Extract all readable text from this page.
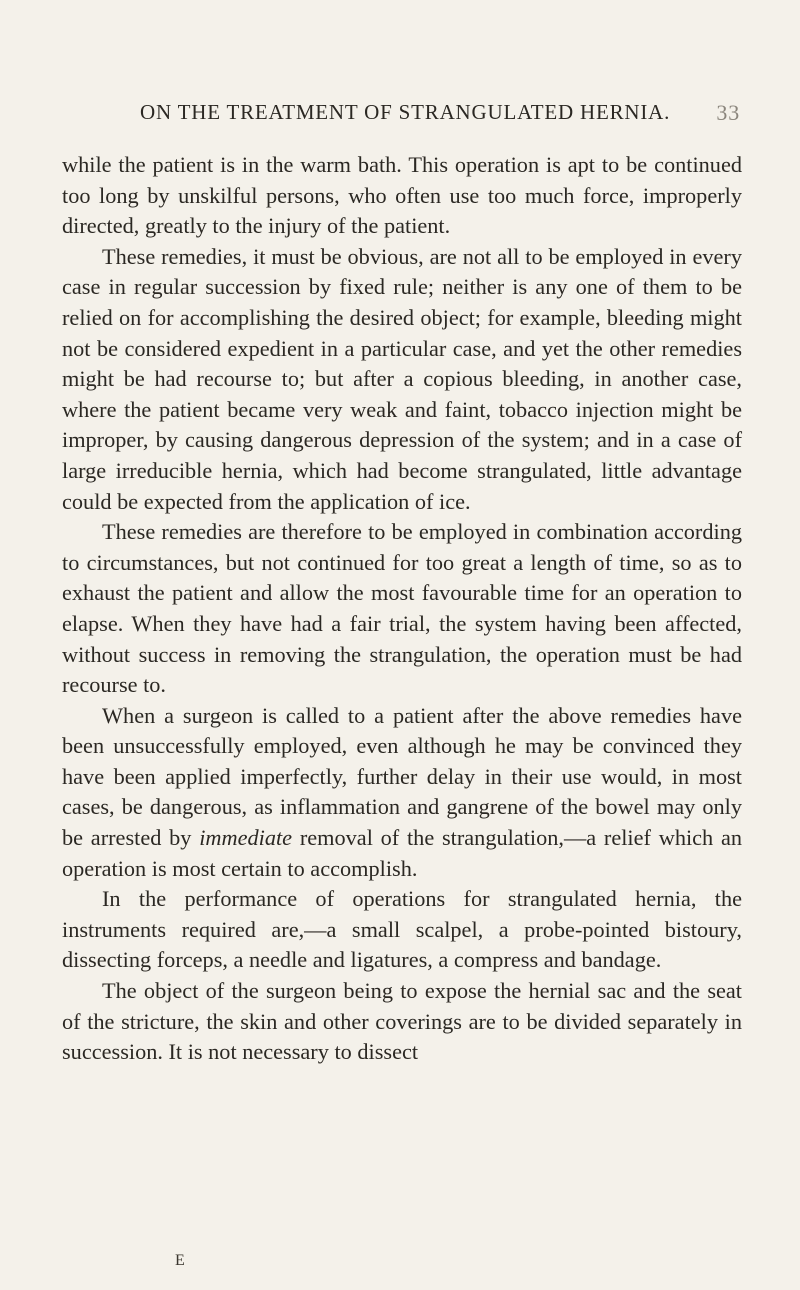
ON THE TREATMENT OF STRANGULATED HERNIA. 33

while the patient is in the warm bath. This operation is apt to be continued too long by unskilful persons, who often use too much force, improperly directed, greatly to the injury of the patient.

These remedies, it must be obvious, are not all to be employed in every case in regular succession by fixed rule; neither is any one of them to be relied on for accomplishing the desired object; for example, bleeding might not be considered expedient in a particular case, and yet the other remedies might be had recourse to; but after a copious bleeding, in another case, where the patient became very weak and faint, tobacco injection might be improper, by causing dangerous depression of the system; and in a case of large irreducible hernia, which had become strangulated, little advantage could be expected from the application of ice.

These remedies are therefore to be employed in combination according to circumstances, but not continued for too great a length of time, so as to exhaust the patient and allow the most favourable time for an operation to elapse. When they have had a fair trial, the system having been affected, without success in removing the strangulation, the operation must be had recourse to.

When a surgeon is called to a patient after the above remedies have been unsuccessfully employed, even although he may be convinced they have been applied imperfectly, further delay in their use would, in most cases, be dangerous, as inflammation and gangrene of the bowel may only be arrested by immediate removal of the strangulation,—a relief which an operation is most certain to accomplish.

In the performance of operations for strangulated hernia, the instruments required are,—a small scalpel, a probe-pointed bistoury, dissecting forceps, a needle and ligatures, a compress and bandage.

The object of the surgeon being to expose the hernial sac and the seat of the stricture, the skin and other coverings are to be divided separately in succession. It is not necessary to dissect

E
